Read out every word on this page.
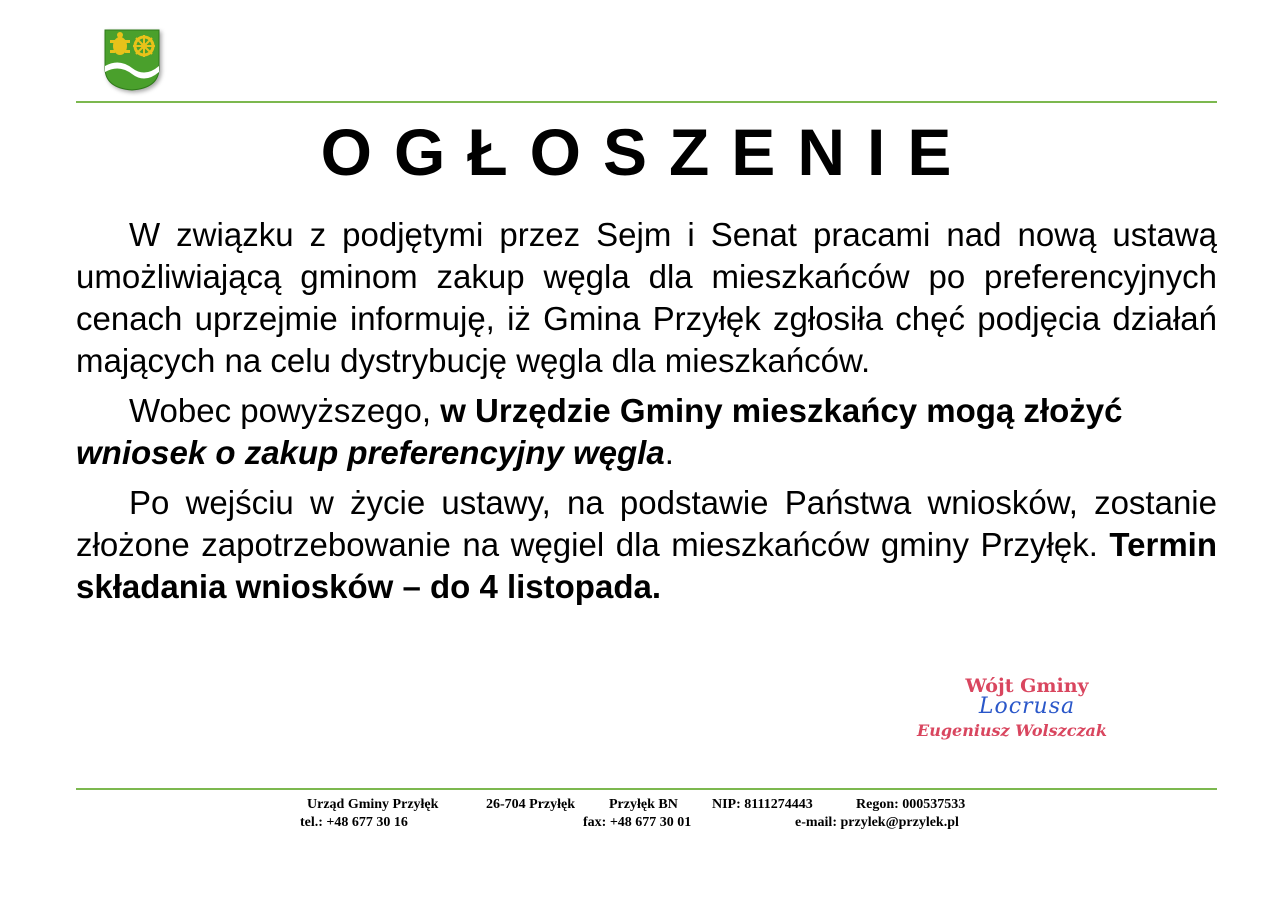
OGŁOSZENIE

W związku z podjętymi przez Sejm i Senat pracami nad nową ustawą umożliwiającą gminom zakup węgla dla mieszkańców po preferencyjnych cenach uprzejmie informuję, iż Gmina Przyłęk zgłosiła chęć podjęcia działań mających na celu dystrybucję węgla dla mieszkańców.

Wobec powyższego, w Urzędzie Gminy mieszkańcy mogą złożyć wniosek o zakup preferencyjny węgla.

Po wejściu w życie ustawy, na podstawie Państwa wniosków, zostanie złożone zapotrzebowanie na węgiel dla mieszkańców gminy Przyłęk. Termin składania wniosków – do 4 listopada.

Wójt Gminy
Locrusa
Eugeniusz Wolszczak
Urząd Gminy Przyłęk	26-704 Przyłęk Przyłęk BN NIP: 8111274443	Regon: 000537533
tel.: +48 677 30 16	fax: +48 677 30 01	e-mail: przylek@przylek.pl
